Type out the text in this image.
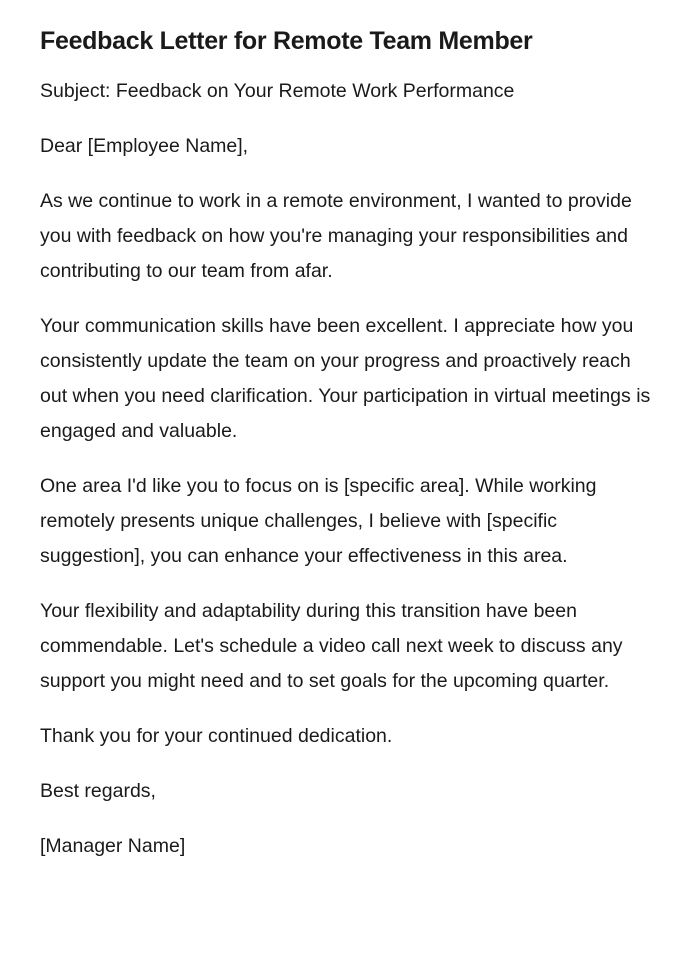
Feedback Letter for Remote Team Member

Subject: Feedback on Your Remote Work Performance

Dear [Employee Name],

As we continue to work in a remote environment, I wanted to provide you with feedback on how you're managing your responsibilities and contributing to our team from afar.

Your communication skills have been excellent. I appreciate how you consistently update the team on your progress and proactively reach out when you need clarification. Your participation in virtual meetings is engaged and valuable.

One area I'd like you to focus on is [specific area]. While working remotely presents unique challenges, I believe with [specific suggestion], you can enhance your effectiveness in this area.

Your flexibility and adaptability during this transition have been commendable. Let's schedule a video call next week to discuss any support you might need and to set goals for the upcoming quarter.

Thank you for your continued dedication.

Best regards,

[Manager Name]
